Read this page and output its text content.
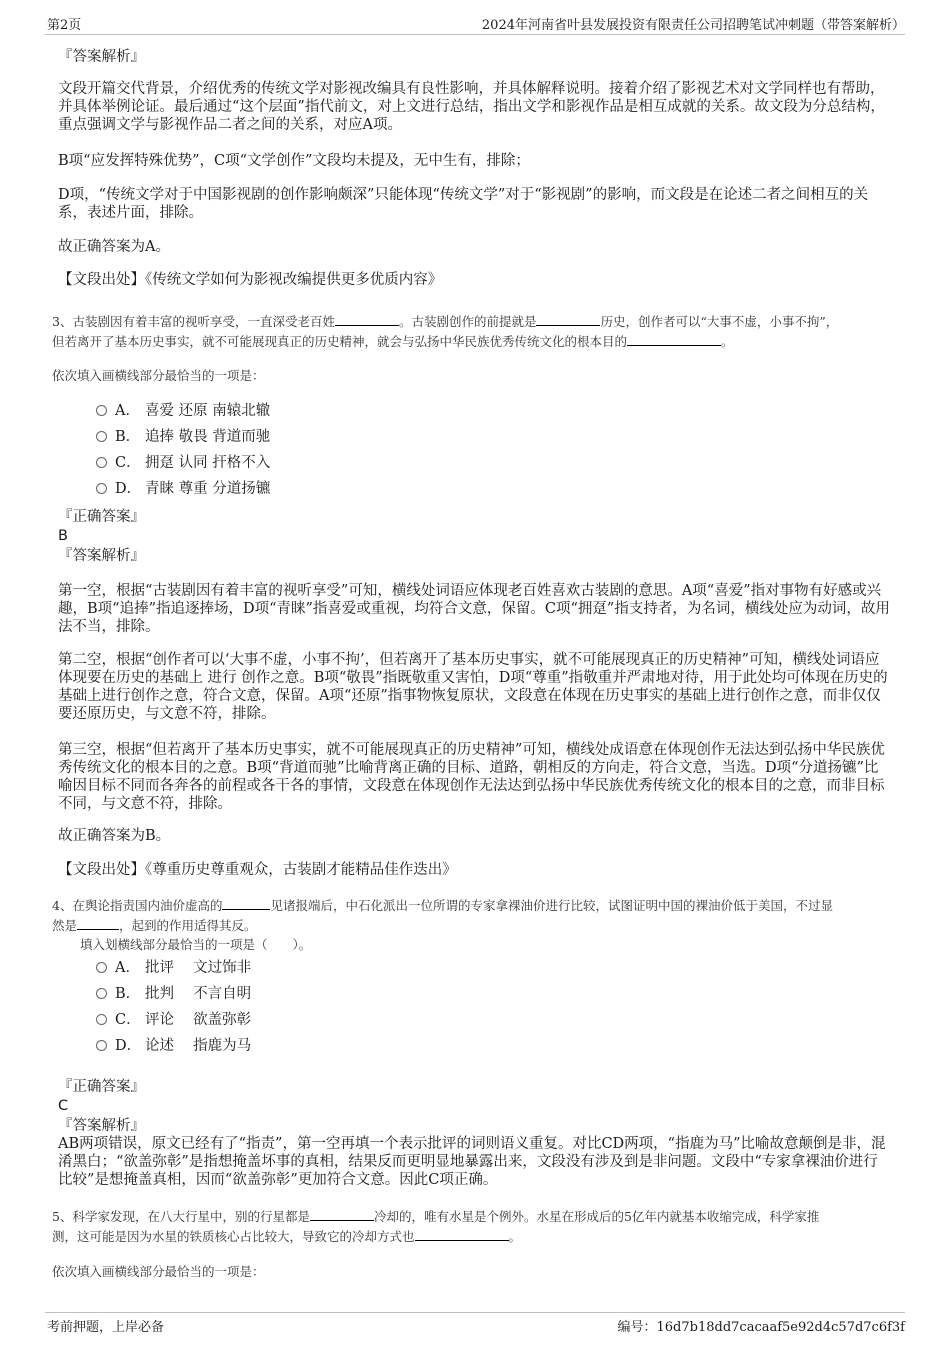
第2页	2024年河南省叶县发展投资有限责任公司招聘笔试冲刺题（带答案解析）

『答案解析』

文段开篇交代背景，介绍优秀的传统文学对影视改编具有良性影响，并具体解释说明。接着介绍了影视艺术对文学同样也有帮助，并具体举例论证。最后通过“这个层面”指代前文，对上文进行总结，指出文学和影视作品是相互成就的关系。故文段为分总结构，重点强调文学与影视作品二者之间的关系，对应A项。

B项“应发挥特殊优势”，C项“文学创作”文段均未提及，无中生有，排除；

D项，“传统文学对于中国影视剧的创作影响颇深”只能体现“传统文学”对于“影视剧”的影响，而文段是在论述二者之间相互的关系，表述片面，排除。

故正确答案为A。

【文段出处】《传统文学如何为影视改编提供更多优质内容》

3、古装剧因有着丰富的视听享受，一直深受老百姓	。古装剧创作的前提就是	历史，创作者可以“大事不虚，小事不拘”，
但若离开了基本历史事实，就不可能展现真正的历史精神，就会与弘扬中华民族优秀传统文化的根本目的	。

依次填入画横线部分最恰当的一项是：

A． 喜爱 还原 南辕北辙
B． 追捧 敬畏 背道而驰
C． 拥趸 认同 扞格不入
D． 青睐 尊重 分道扬镳

『正确答案』

B

『答案解析』

第一空，根据“古装剧因有着丰富的视听享受”可知，横线处词语应体现老百姓喜欢古装剧的意思。A项“喜爱”指对事物有好感或兴趣，B项“追捧”指追逐捧场，D项“青睐”指喜爱或重视，均符合文意，保留。C项“拥趸”指支持者，为名词，横线处应为动词，故用法不当，排除。

第二空，根据“创作者可以‘大事不虚，小事不拘’，但若离开了基本历史事实，就不可能展现真正的历史精神”可知，横线处词语应体现要在历史的基础上 进行 创作之意。B项“敬畏”指既敬重又害怕，D项“尊重”指敬重并严肃地对待，用于此处均可体现在历史的基础上进行创作之意，符合文意，保留。A项“还原”指事物恢复原状，文段意在体现在历史事实的基础上进行创作之意，而非仅仅要还原历史，与文意不符，排除。

第三空，根据“但若离开了基本历史事实，就不可能展现真正的历史精神”可知，横线处成语意在体现创作无法达到弘扬中华民族优秀传统文化的根本目的之意。B项“背道而驰”比喻背离正确的目标、道路，朝相反的方向走，符合文意，当选。D项“分道扬镳”比喻因目标不同而各奔各的前程或各干各的事情，文段意在体现创作无法达到弘扬中华民族优秀传统文化的根本目的之意，而非目标不同，与文意不符，排除。

故正确答案为B。

【文段出处】《尊重历史尊重观众，古装剧才能精品佳作迭出》

4、在舆论指责国内油价虚高的	见诸报端后，中石化派出一位所谓的专家拿裸油价进行比较，试图证明中国的裸油价低于美国，不过显
然是	，起到的作用适得其反。

填入划横线部分最恰当的一项是（　　）。

A． 批评　 文过饰非
B． 批判　 不言自明
C． 评论　 欲盖弥彰
D． 论述　 指鹿为马

『正确答案』

C

『答案解析』

AB两项错误，原文已经有了“指责”，第一空再填一个表示批评的词则语义重复。对比CD两项，“指鹿为马”比喻故意颠倒是非，混淆黑白；“欲盖弥彰”是指想掩盖坏事的真相，结果反而更明显地暴露出来，文段没有涉及到是非问题。文段中“专家拿裸油价进行比较”是想掩盖真相，因而“欲盖弥彰”更加符合文意。因此C项正确。

5、科学家发现，在八大行星中，别的行星都是	冷却的，唯有水星是个例外。水星在形成后的5亿年内就基本收缩完成，科学家推
测，这可能是因为水星的铁质核心占比较大，导致它的冷却方式也	。

依次填入画横线部分最恰当的一项是：

考前押题，上岸必备	编号：16d7b18dd7cacaaf5e92d4c57d7c6f3f
